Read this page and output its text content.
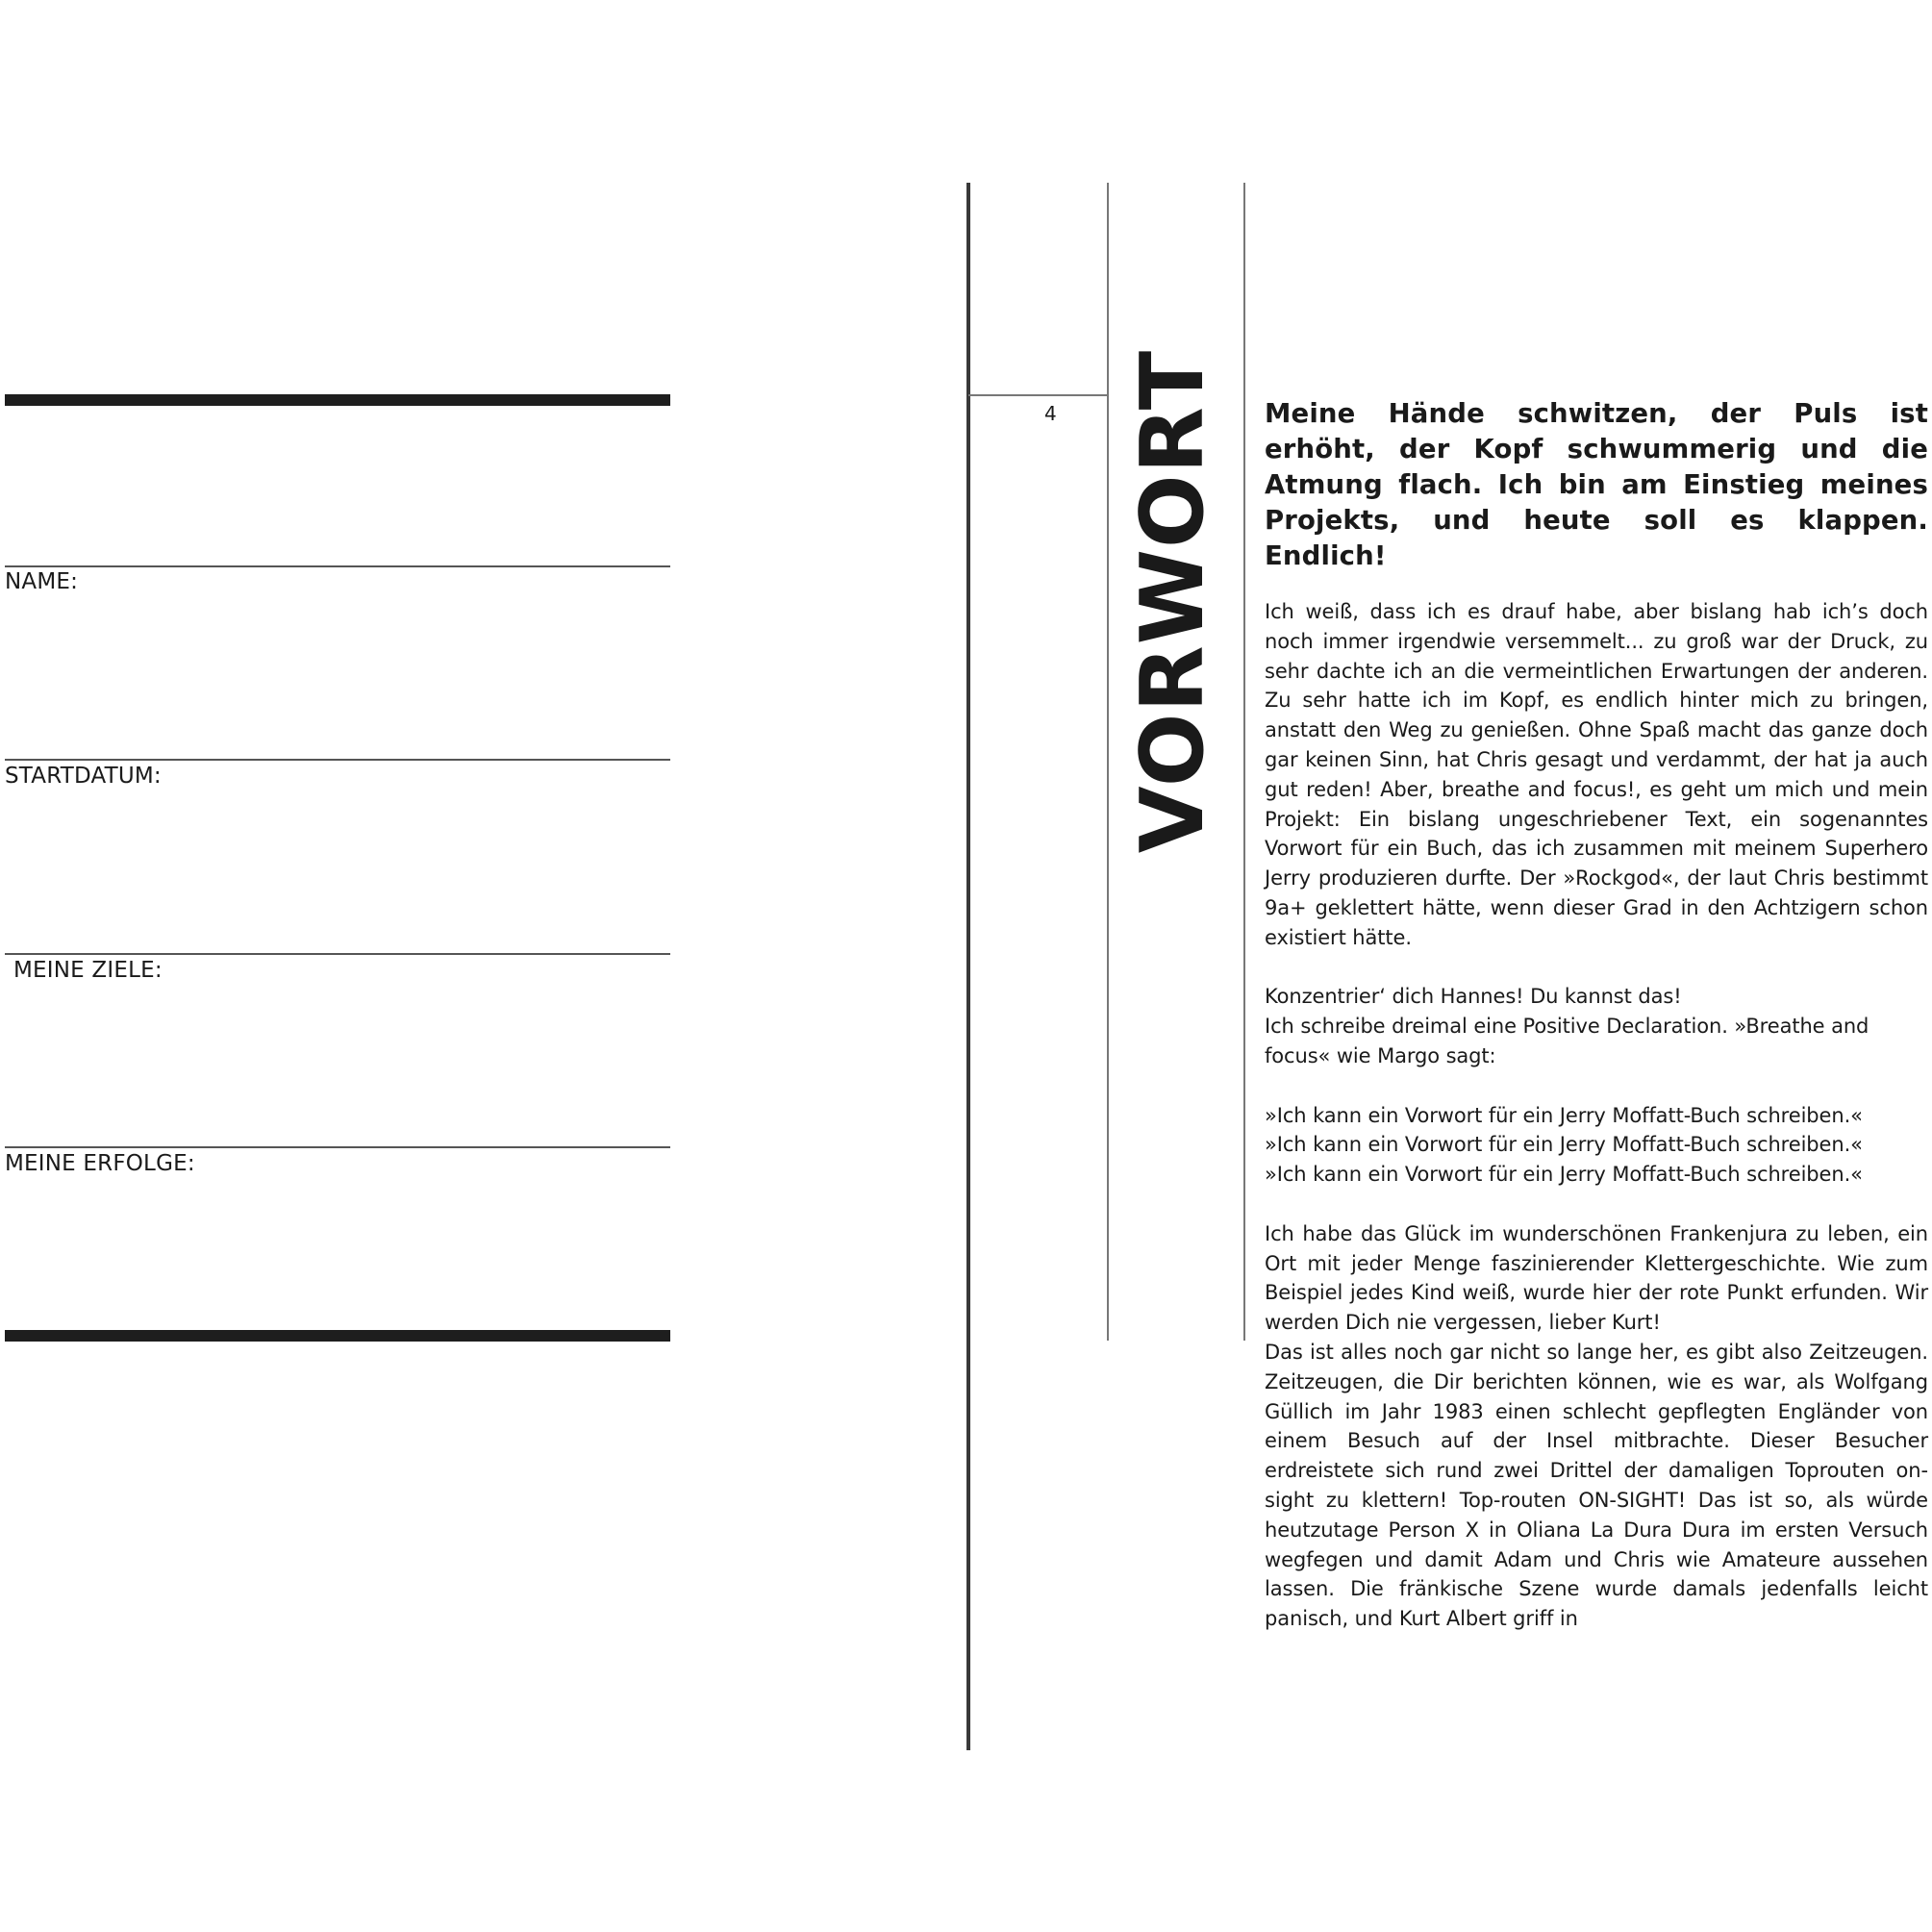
NAME:
STARTDATUM:
MEINE ZIELE:
MEINE ERFOLGE:
4 VORWORT Meine Hände schwitzen, der Puls ist erhöht, der Kopf schwummerig und die Atmung flach. Ich bin am Einstieg meines Projekts, und heute soll es klappen. Endlich!
Ich weiß, dass ich es drauf habe, aber bislang hab ich’s doch noch immer irgendwie versemmelt... zu groß war der Druck, zu sehr dachte ich an die vermeintlichen Erwartungen der anderen. Zu sehr hatte ich im Kopf, es endlich hinter mich zu bringen, anstatt den Weg zu genießen. Ohne Spaß macht das ganze doch gar keinen Sinn, hat Chris gesagt und verdammt, der hat ja auch gut reden! Aber, breathe and focus!, es geht um mich und mein Projekt: Ein bislang ungeschriebener Text, ein sogenanntes Vorwort für ein Buch, das ich zusammen mit meinem Superhero Jerry produzieren durfte. Der »Rockgod«, der laut Chris bestimmt 9a+ geklettert hätte, wenn dieser Grad in den Achtzigern schon existiert hätte.
Konzentrier‘ dich Hannes! Du kannst das!
Ich schreibe dreimal eine Positive Declaration. »Breathe and focus« wie Margo sagt:
»Ich kann ein Vorwort für ein Jerry Moffatt-Buch schreiben.«
»Ich kann ein Vorwort für ein Jerry Moffatt-Buch schreiben.«
»Ich kann ein Vorwort für ein Jerry Moffatt-Buch schreiben.«
Ich habe das Glück im wunderschönen Frankenjura zu leben, ein Ort mit jeder Menge faszinierender Klettergeschichte. Wie zum Beispiel jedes Kind weiß, wurde hier der rote Punkt erfunden. Wir werden Dich nie vergessen, lieber Kurt!
Das ist alles noch gar nicht so lange her, es gibt also Zeitzeugen. Zeitzeugen, die Dir berichten können, wie es war, als Wolfgang Güllich im Jahr 1983 einen schlecht gepflegten Engländer von einem Besuch auf der Insel mitbrachte. Dieser Besucher erdreistete sich rund zwei Drittel der damaligen Toprouten on-sight zu klettern! Top-routen ON-SIGHT! Das ist so, als würde heutzutage Person X in Oliana La Dura Dura im ersten Versuch wegfegen und damit Adam und Chris wie Amateure aussehen lassen. Die fränkische Szene wurde damals jedenfalls leicht panisch, und Kurt Albert griff in
